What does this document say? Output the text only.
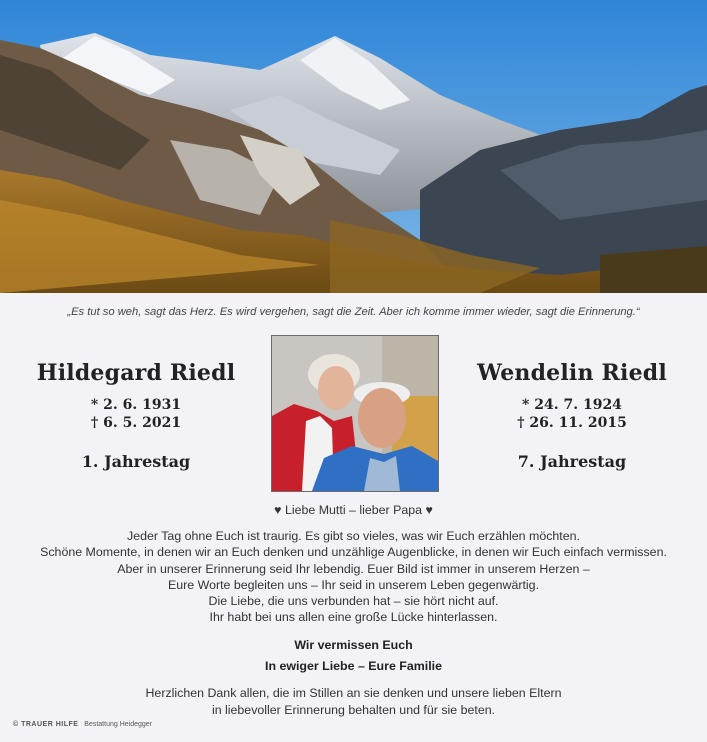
„Es tut so weh, sagt das Herz. Es wird vergehen, sagt die Zeit. Aber ich komme immer wieder, sagt die Erinnerung.“
Hildegard Riedl
* 2. 6. 1931
† 6. 5. 2021
1. Jahrestag
Wendelin Riedl
* 24. 7. 1924
† 26. 11. 2015
7. Jahrestag
♥ Liebe Mutti – lieber Papa ♥
Jeder Tag ohne Euch ist traurig. Es gibt so vieles, was wir Euch erzählen möchten.
Schöne Momente, in denen wir an Euch denken und unzählige Augenblicke, in denen wir Euch einfach vermissen.
Aber in unserer Erinnerung seid Ihr lebendig. Euer Bild ist immer in unserem Herzen –
Eure Worte begleiten uns – Ihr seid in unserem Leben gegenwärtig.
Die Liebe, die uns verbunden hat – sie hört nicht auf.
Ihr habt bei uns allen eine große Lücke hinterlassen.
Wir vermissen Euch
In ewiger Liebe – Eure Familie
Herzlichen Dank allen, die im Stillen an sie denken und unsere lieben Eltern
in liebevoller Erinnerung behalten und für sie beten.
© TRAUER HILFE Bestattung Heidegger
